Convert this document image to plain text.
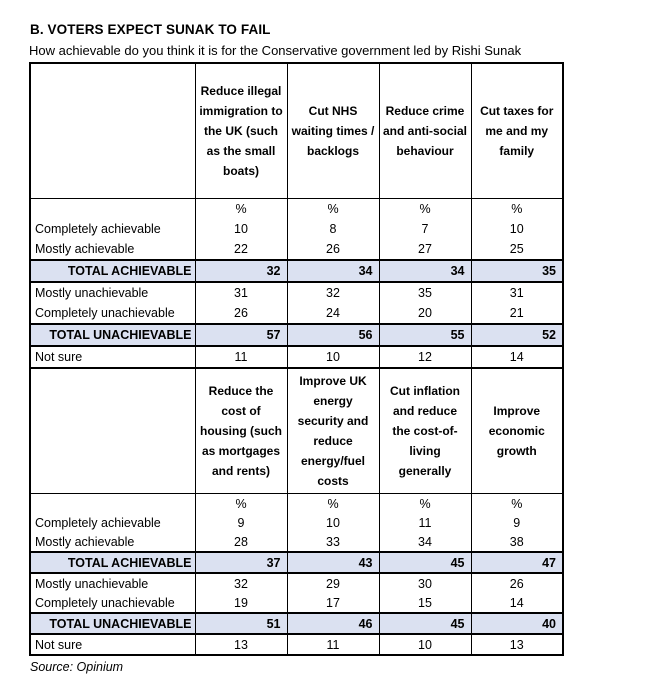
B. VOTERS EXPECT SUNAK TO FAIL
How achievable do you think it is for the Conservative government led by Rishi Sunak
	Reduce illegal immigration to the UK (such as the small boats)	Cut NHS waiting times / backlogs	Reduce crime and anti-social behaviour	Cut taxes for me and my family
	%	%	%	%
Completely achievable	10	8	7	10
Mostly achievable	22	26	27	25
TOTAL ACHIEVABLE	32	34	34	35
Mostly unachievable	31	32	35	31
Completely unachievable	26	24	20	21
TOTAL UNACHIEVABLE	57	56	55	52
Not sure	11	10	12	14
	Reduce the cost of housing (such as mortgages and rents)	Improve UK energy security and reduce energy/fuel costs	Cut inflation and reduce the cost-of-living generally	Improve economic growth
	%	%	%	%
Completely achievable	9	10	11	9
Mostly achievable	28	33	34	38
TOTAL ACHIEVABLE	37	43	45	47
Mostly unachievable	32	29	30	26
Completely unachievable	19	17	15	14
TOTAL UNACHIEVABLE	51	46	45	40
Not sure	13	11	10	13
Source: Opinium
